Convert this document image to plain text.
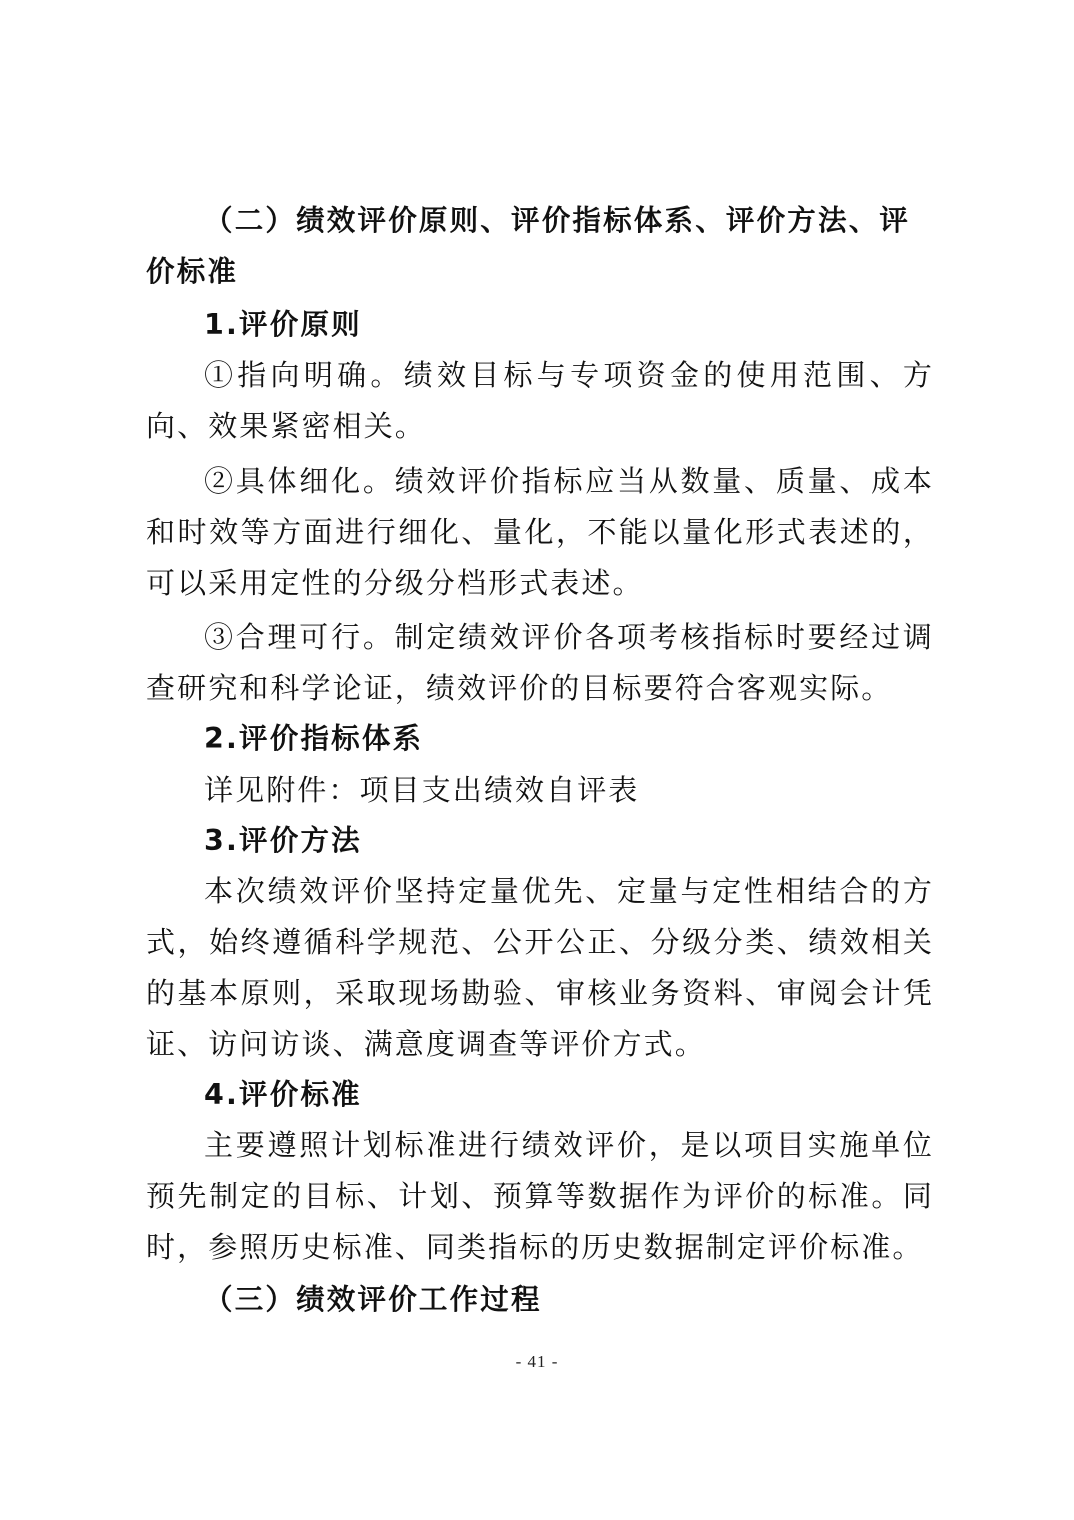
（二）绩效评价原则、评价指标体系、评价方法、评价标准

1.评价原则

①指向明确。绩效目标与专项资金的使用范围、方向、效果紧密相关。

②具体细化。绩效评价指标应当从数量、质量、成本和时效等方面进行细化、量化，不能以量化形式表述的，可以采用定性的分级分档形式表述。

③合理可行。制定绩效评价各项考核指标时要经过调查研究和科学论证，绩效评价的目标要符合客观实际。

2.评价指标体系

详见附件：项目支出绩效自评表

3.评价方法

本次绩效评价坚持定量优先、定量与定性相结合的方式，始终遵循科学规范、公开公正、分级分类、绩效相关的基本原则，采取现场勘验、审核业务资料、审阅会计凭证、访问访谈、满意度调查等评价方式。

4.评价标准

主要遵照计划标准进行绩效评价，是以项目实施单位预先制定的目标、计划、预算等数据作为评价的标准。同时，参照历史标准、同类指标的历史数据制定评价标准。

（三）绩效评价工作过程

- 41 -
